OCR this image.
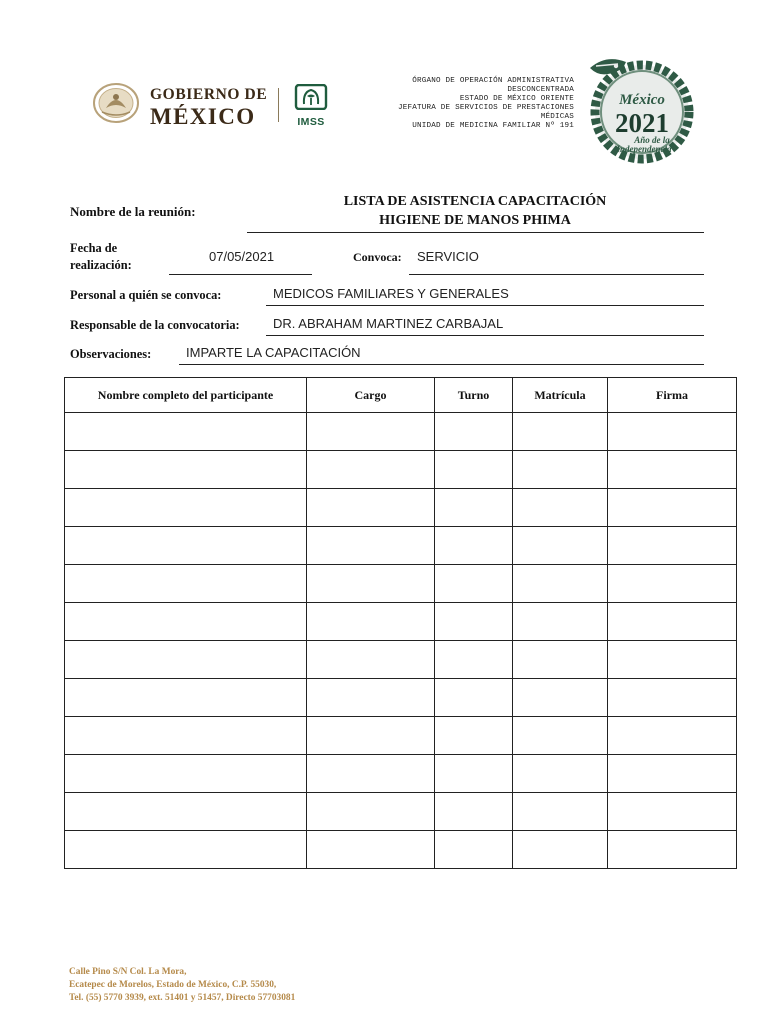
GOBIERNO DE
MÉXICO	IMSS
ÓRGANO DE OPERACIÓN ADMINISTRATIVA
DESCONCENTRADA
ESTADO DE MÉXICO ORIENTE
JEFATURA DE SERVICIOS DE PRESTACIONES
MÉDICAS
UNIDAD DE MEDICINA FAMILIAR Nº 191
México
2021
Año de la
Independencia
Nombre de la reunión:
LISTA DE ASISTENCIA CAPACITACIÓN
HIGIENE DE MANOS PHIMA
Fecha de
realización:
07/05/2021	Convoca: SERVICIO
Personal a quién se convoca:	MEDICOS FAMILIARES Y GENERALES
Responsable de la convocatoria:	DR. ABRAHAM MARTINEZ CARBAJAL
Observaciones:	IMPARTE LA CAPACITACIÓN
Nombre completo del participante	Cargo	Turno	Matrícula	Firma

Calle Pino S/N Col. La Mora,
Ecatepec de Morelos, Estado de México, C.P. 55030,
Tel. (55) 5770 3939, ext. 51401 y 51457, Directo 57703081
